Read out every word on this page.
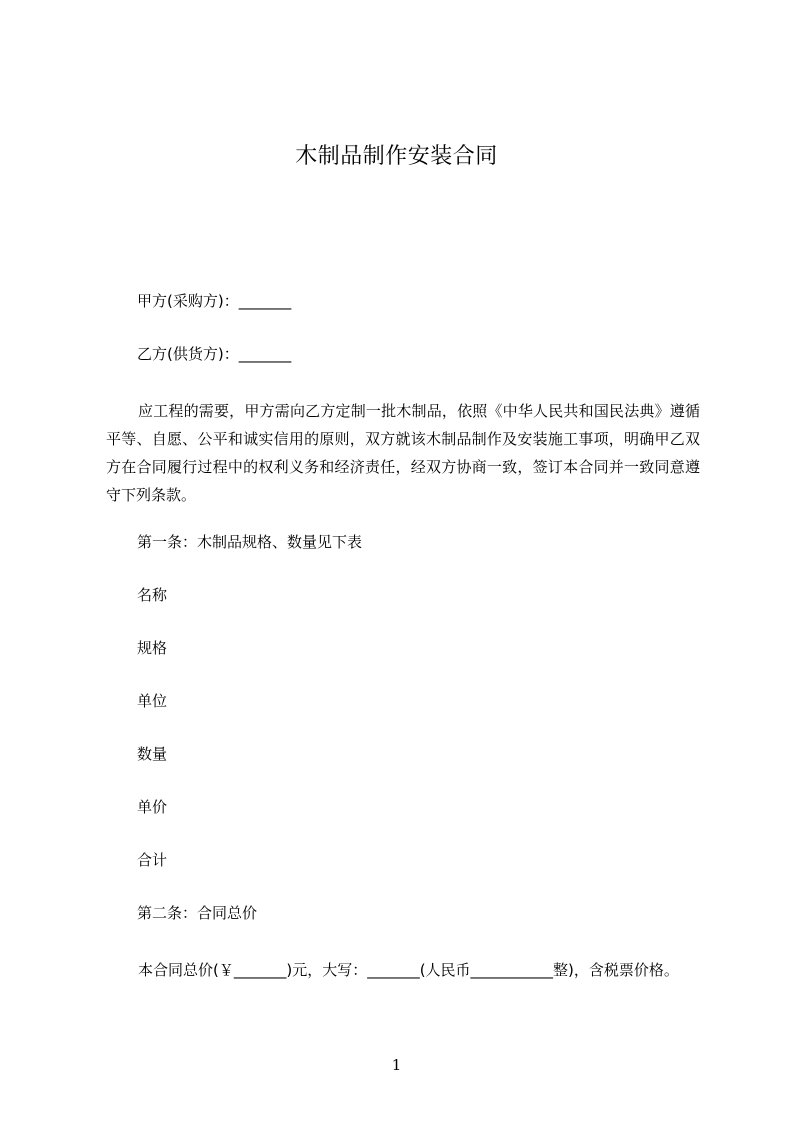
木制品制作安装合同
甲方(采购方)：_______
乙方(供货方)：_______
应工程的需要，甲方需向乙方定制一批木制品，依照《中华人民共和国民法典》遵循平等、自愿、公平和诚实信用的原则，双方就该木制品制作及安装施工事项，明确甲乙双方在合同履行过程中的权利义务和经济责任，经双方协商一致，签订本合同并一致同意遵守下列条款。
第一条：木制品规格、数量见下表
名称
规格
单位
数量
单价
合计
第二条：合同总价
本合同总价(￥_______)元，大写：_______(人民币___________整)，含税票价格。
1
